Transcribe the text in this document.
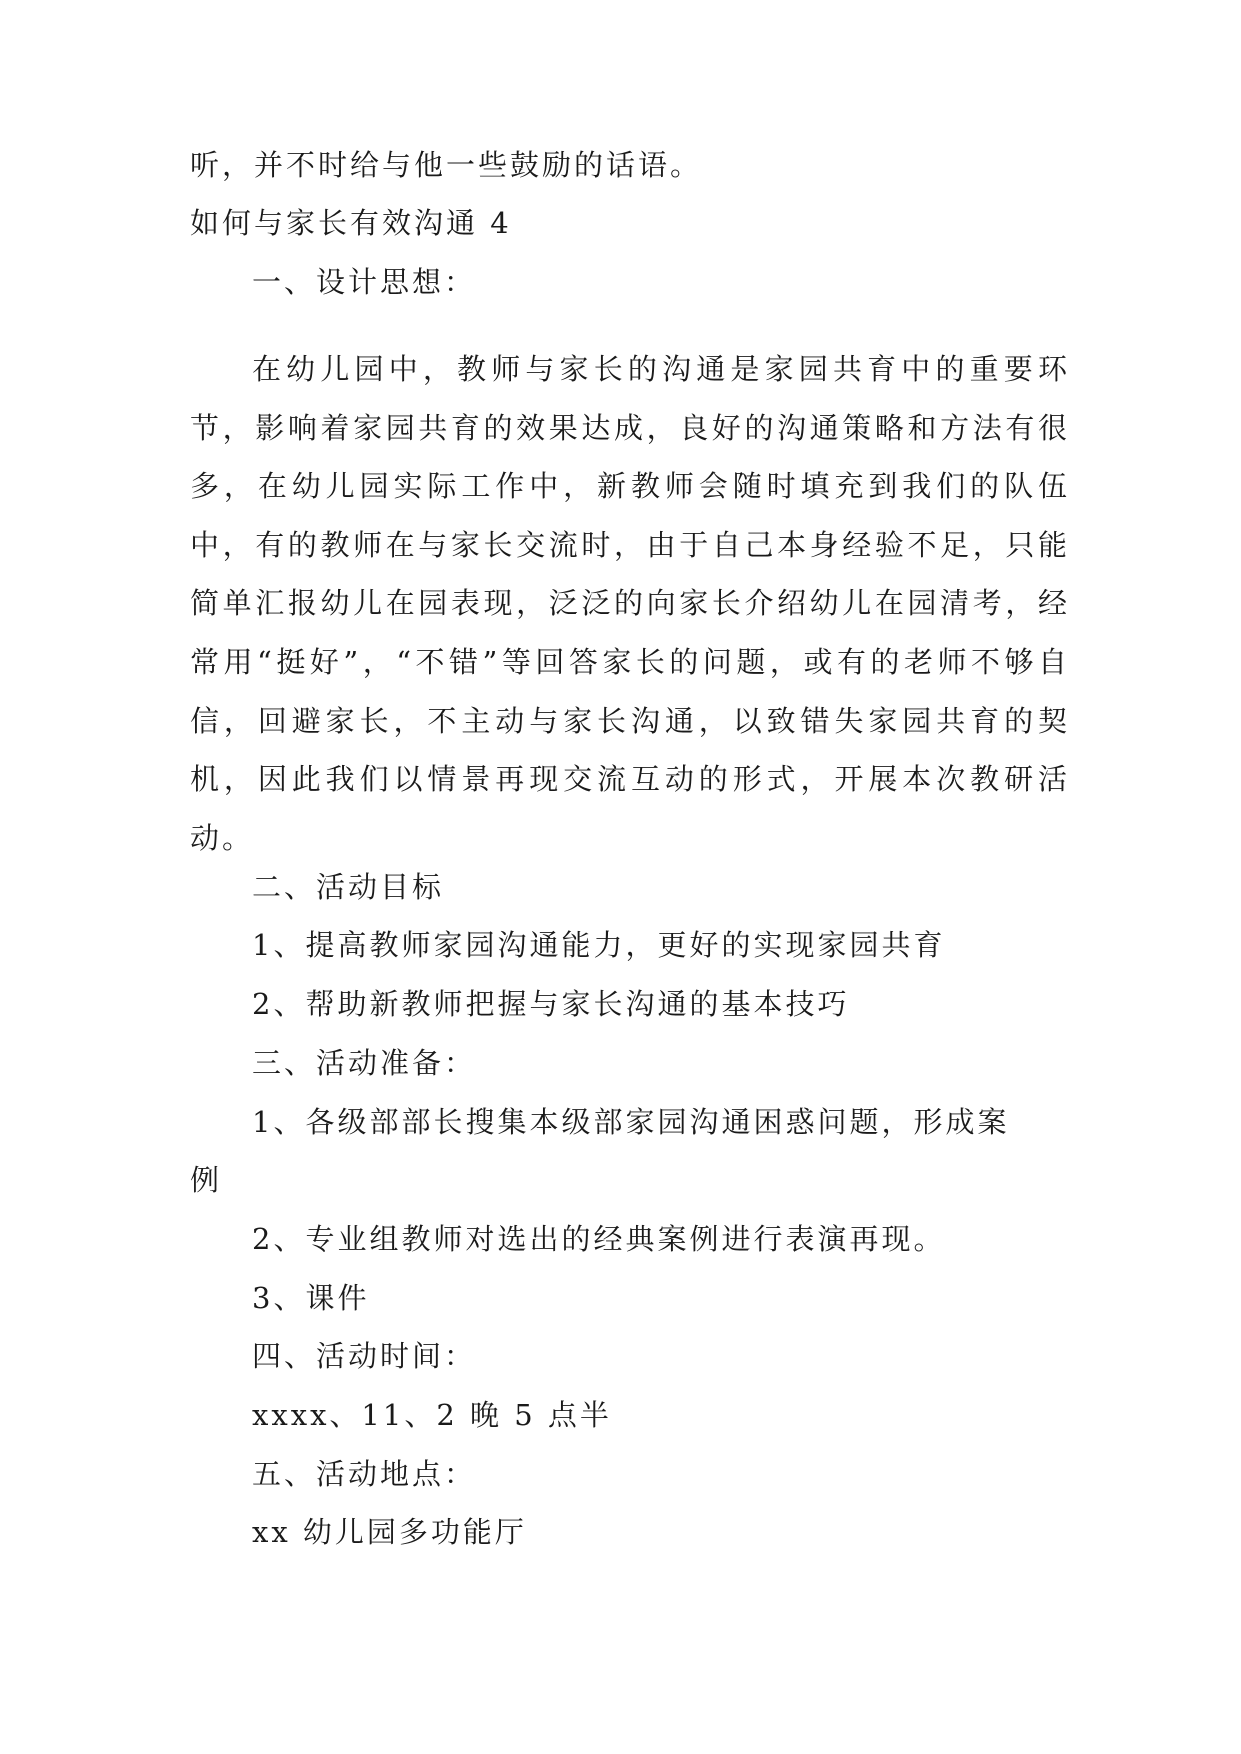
听，并不时给与他一些鼓励的话语。
如何与家长有效沟通 4
一、设计思想：

在幼儿园中，教师与家长的沟通是家园共育中的重要环节，影响着家园共育的效果达成，良好的沟通策略和方法有很多，在幼儿园实际工作中，新教师会随时填充到我们的队伍中，有的教师在与家长交流时，由于自己本身经验不足，只能简单汇报幼儿在园表现，泛泛的向家长介绍幼儿在园清考，经常用“挺好”，“不错”等回答家长的问题，或有的老师不够自信，回避家长，不主动与家长沟通，以致错失家园共育的契机，因此我们以情景再现交流互动的形式，开展本次教研活动。

二、活动目标
1、提高教师家园沟通能力，更好的实现家园共育
2、帮助新教师把握与家长沟通的基本技巧
三、活动准备：
1、各级部部长搜集本级部家园沟通困惑问题，形成案
例
2、专业组教师对选出的经典案例进行表演再现。
3、课件
四、活动时间：
xxxx、11、2 晚 5 点半
五、活动地点：
xx 幼儿园多功能厅
